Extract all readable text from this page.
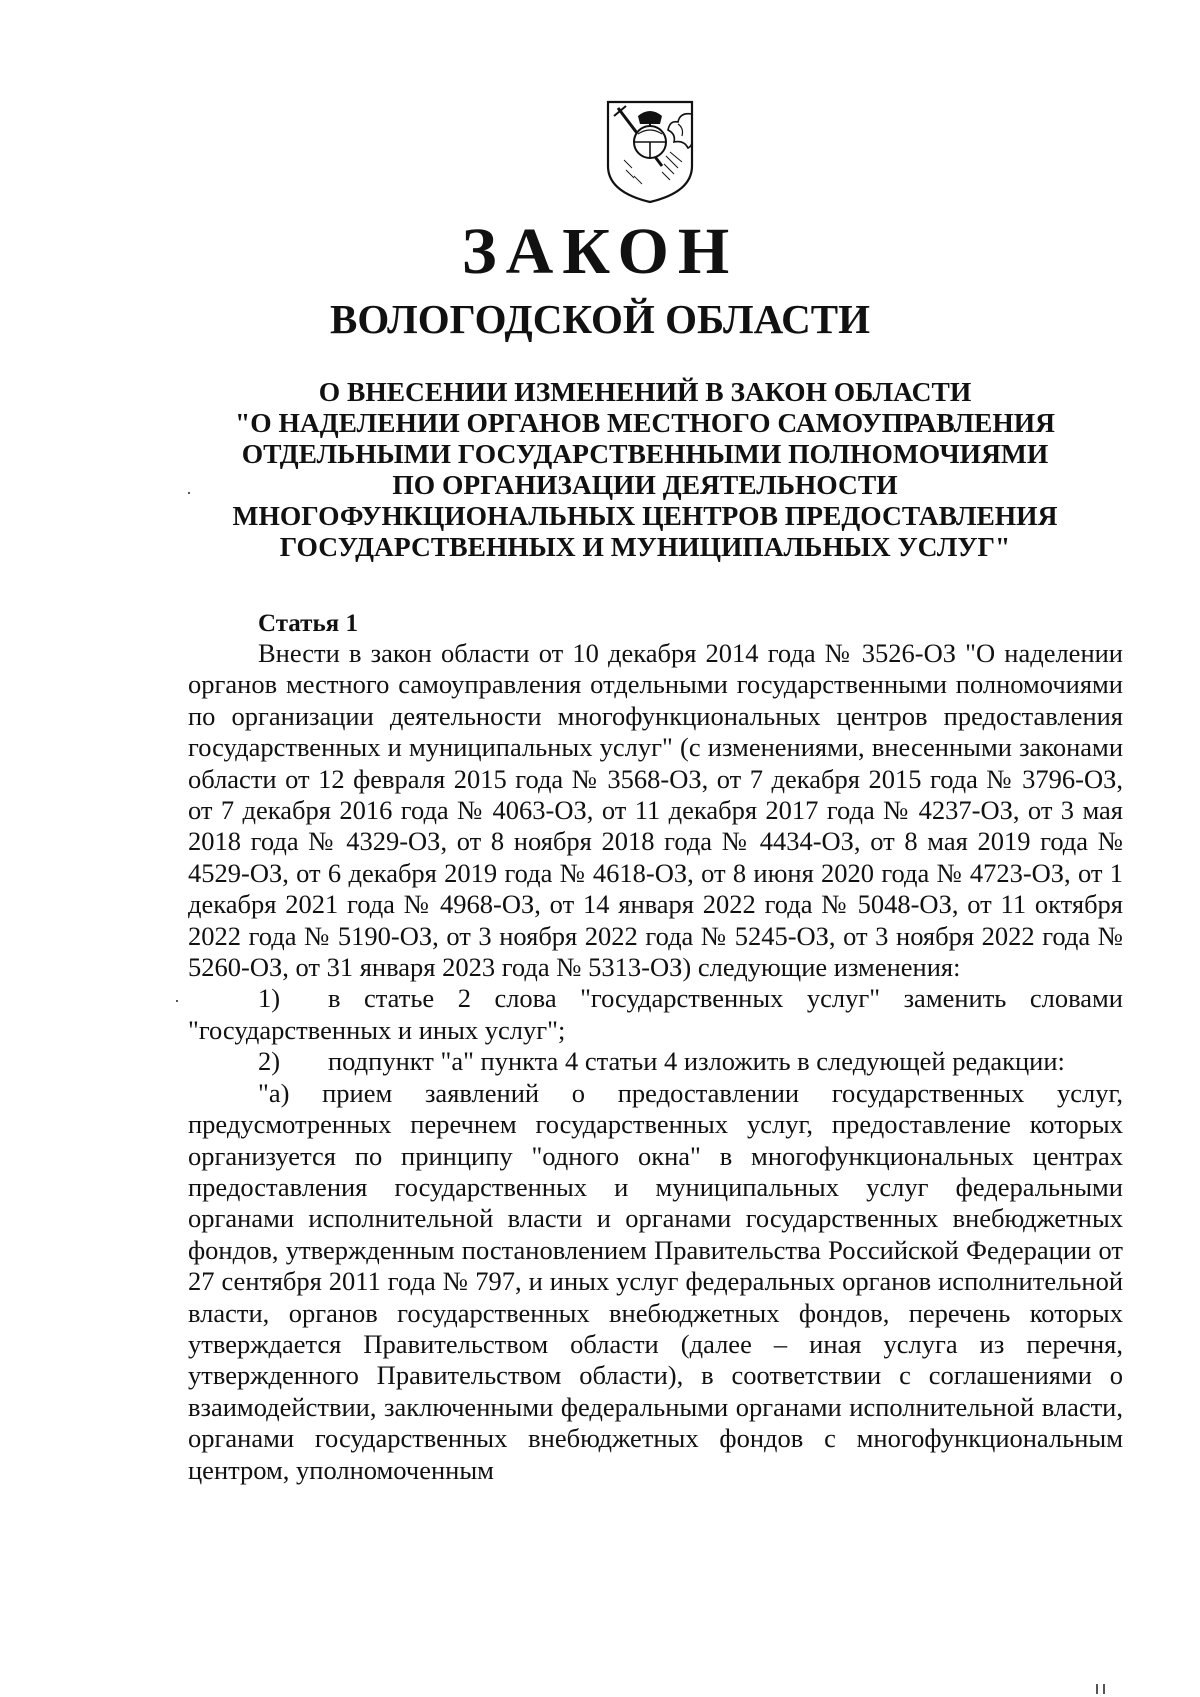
ЗАКОН
ВОЛОГОДСКОЙ ОБЛАСТИ
О ВНЕСЕНИИ ИЗМЕНЕНИЙ В ЗАКОН ОБЛАСТИ
"О НАДЕЛЕНИИ ОРГАНОВ МЕСТНОГО САМОУПРАВЛЕНИЯ
ОТДЕЛЬНЫМИ ГОСУДАРСТВЕННЫМИ ПОЛНОМОЧИЯМИ
ПО ОРГАНИЗАЦИИ ДЕЯТЕЛЬНОСТИ
МНОГОФУНКЦИОНАЛЬНЫХ ЦЕНТРОВ ПРЕДОСТАВЛЕНИЯ
ГОСУДАРСТВЕННЫХ И МУНИЦИПАЛЬНЫХ УСЛУГ"
Статья 1

Внести в закон области от 10 декабря 2014 года № 3526-ОЗ "О наделении органов местного самоуправления отдельными государственными полномочиями по организации деятельности многофункциональных центров предоставления государственных и муниципальных услуг" (с изменениями, внесенными законами области от 12 февраля 2015 года № 3568-ОЗ, от 7 декабря 2015 года № 3796-ОЗ, от 7 декабря 2016 года № 4063-ОЗ, от 11 декабря 2017 года № 4237-ОЗ, от 3 мая 2018 года № 4329-ОЗ, от 8 ноября 2018 года № 4434-ОЗ, от 8 мая 2019 года № 4529-ОЗ, от 6 декабря 2019 года № 4618-ОЗ, от 8 июня 2020 года № 4723-ОЗ, от 1 декабря 2021 года № 4968-ОЗ, от 14 января 2022 года № 5048-ОЗ, от 11 октября 2022 года № 5190-ОЗ, от 3 ноября 2022 года № 5245-ОЗ, от 3 ноября 2022 года № 5260-ОЗ, от 31 января 2023 года № 5313-ОЗ) следующие изменения:

1) в статье 2 слова "государственных услуг" заменить словами "государственных и иных услуг";

2) подпункт "а" пункта 4 статьи 4 изложить в следующей редакции:

"а) прием заявлений о предоставлении государственных услуг, предусмотренных перечнем государственных услуг, предоставление которых организуется по принципу "одного окна" в многофункциональных центрах предоставления государственных и муниципальных услуг федеральными органами исполнительной власти и органами государственных внебюджетных фондов, утвержденным постановлением Правительства Российской Федерации от 27 сентября 2011 года № 797, и иных услуг федеральных органов исполнительной власти, органов государственных внебюджетных фондов, перечень которых утверждается Правительством области (далее – иная услуга из перечня, утвержденного Правительством области), в соответствии с соглашениями о взаимодействии, заключенными федеральными органами исполнительной власти, органами государственных внебюджетных фондов с многофункциональным центром, уполномоченным
